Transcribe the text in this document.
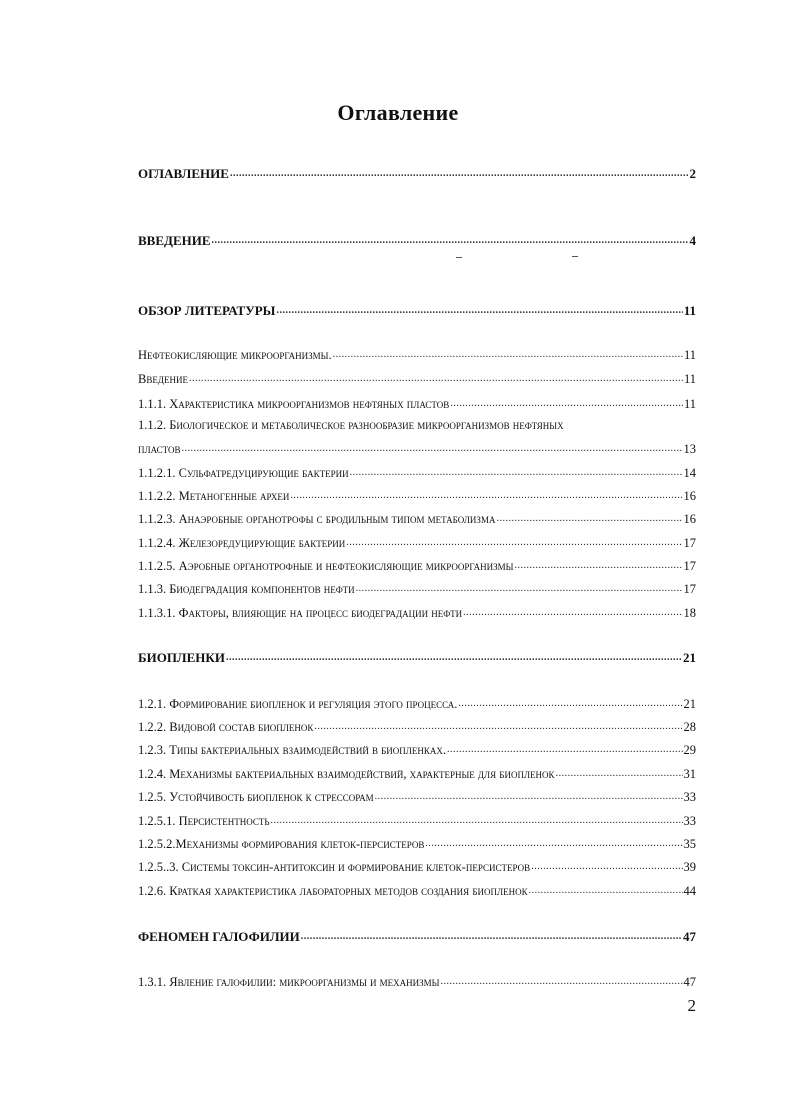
Оглавление
ОГЛАВЛЕНИЕ .....	2
ВВЕДЕНИЕ .....	4
ОБЗОР ЛИТЕРАТУРЫ .....	11
Нефтеокисляющие микроорганизмы. .....	11
Введение .....	11
1.1.1. Характеристика микроорганизмов нефтяных пластов .....	11
1.1.2. Биологическое и метаболическое разнообразие микроорганизмов нефтяных
пластов .....	13
1.1.2.1. Сульфатредуцирующие бактерии .....	14
1.1.2.2. Метаногенные археи .....	16
1.1.2.3. Анаэробные органотрофы с бродильным типом метаболизма .....	16
1.1.2.4. Железоредуцирующие бактерии .....	17
1.1.2.5. Аэробные органотрофные и нефтеокисляющие микроорганизмы .....	17
1.1.3. Биодеградация компонентов нефти .....	17
1.1.3.1. Факторы, влияющие на процесс биодеградации нефти .....	18
БИОПЛЕНКИ .....	21
1.2.1. Формирование биопленок и регуляция этого процесса. .....	21
1.2.2. Видовой состав биопленок .....	28
1.2.3. Типы бактериальных взаимодействий в биопленках. .....	29
1.2.4. Механизмы бактериальных взаимодействий, характерные для биопленок .....	31
1.2.5. Устойчивость биопленок к стрессорам .....	33
1.2.5.1. Персистентность .....	33
1.2.5.2.Механизмы формирования клеток-персистеров .....	35
1.2.5..3. Системы токсин-антитоксин и формирование клеток-персистеров .....	39
1.2.6. Краткая характеристика лабораторных методов создания биопленок .....	44
ФЕНОМЕН ГАЛОФИЛИИ .....	47
1.3.1. Явление галофилии: микроорганизмы и механизмы .....	47
2
